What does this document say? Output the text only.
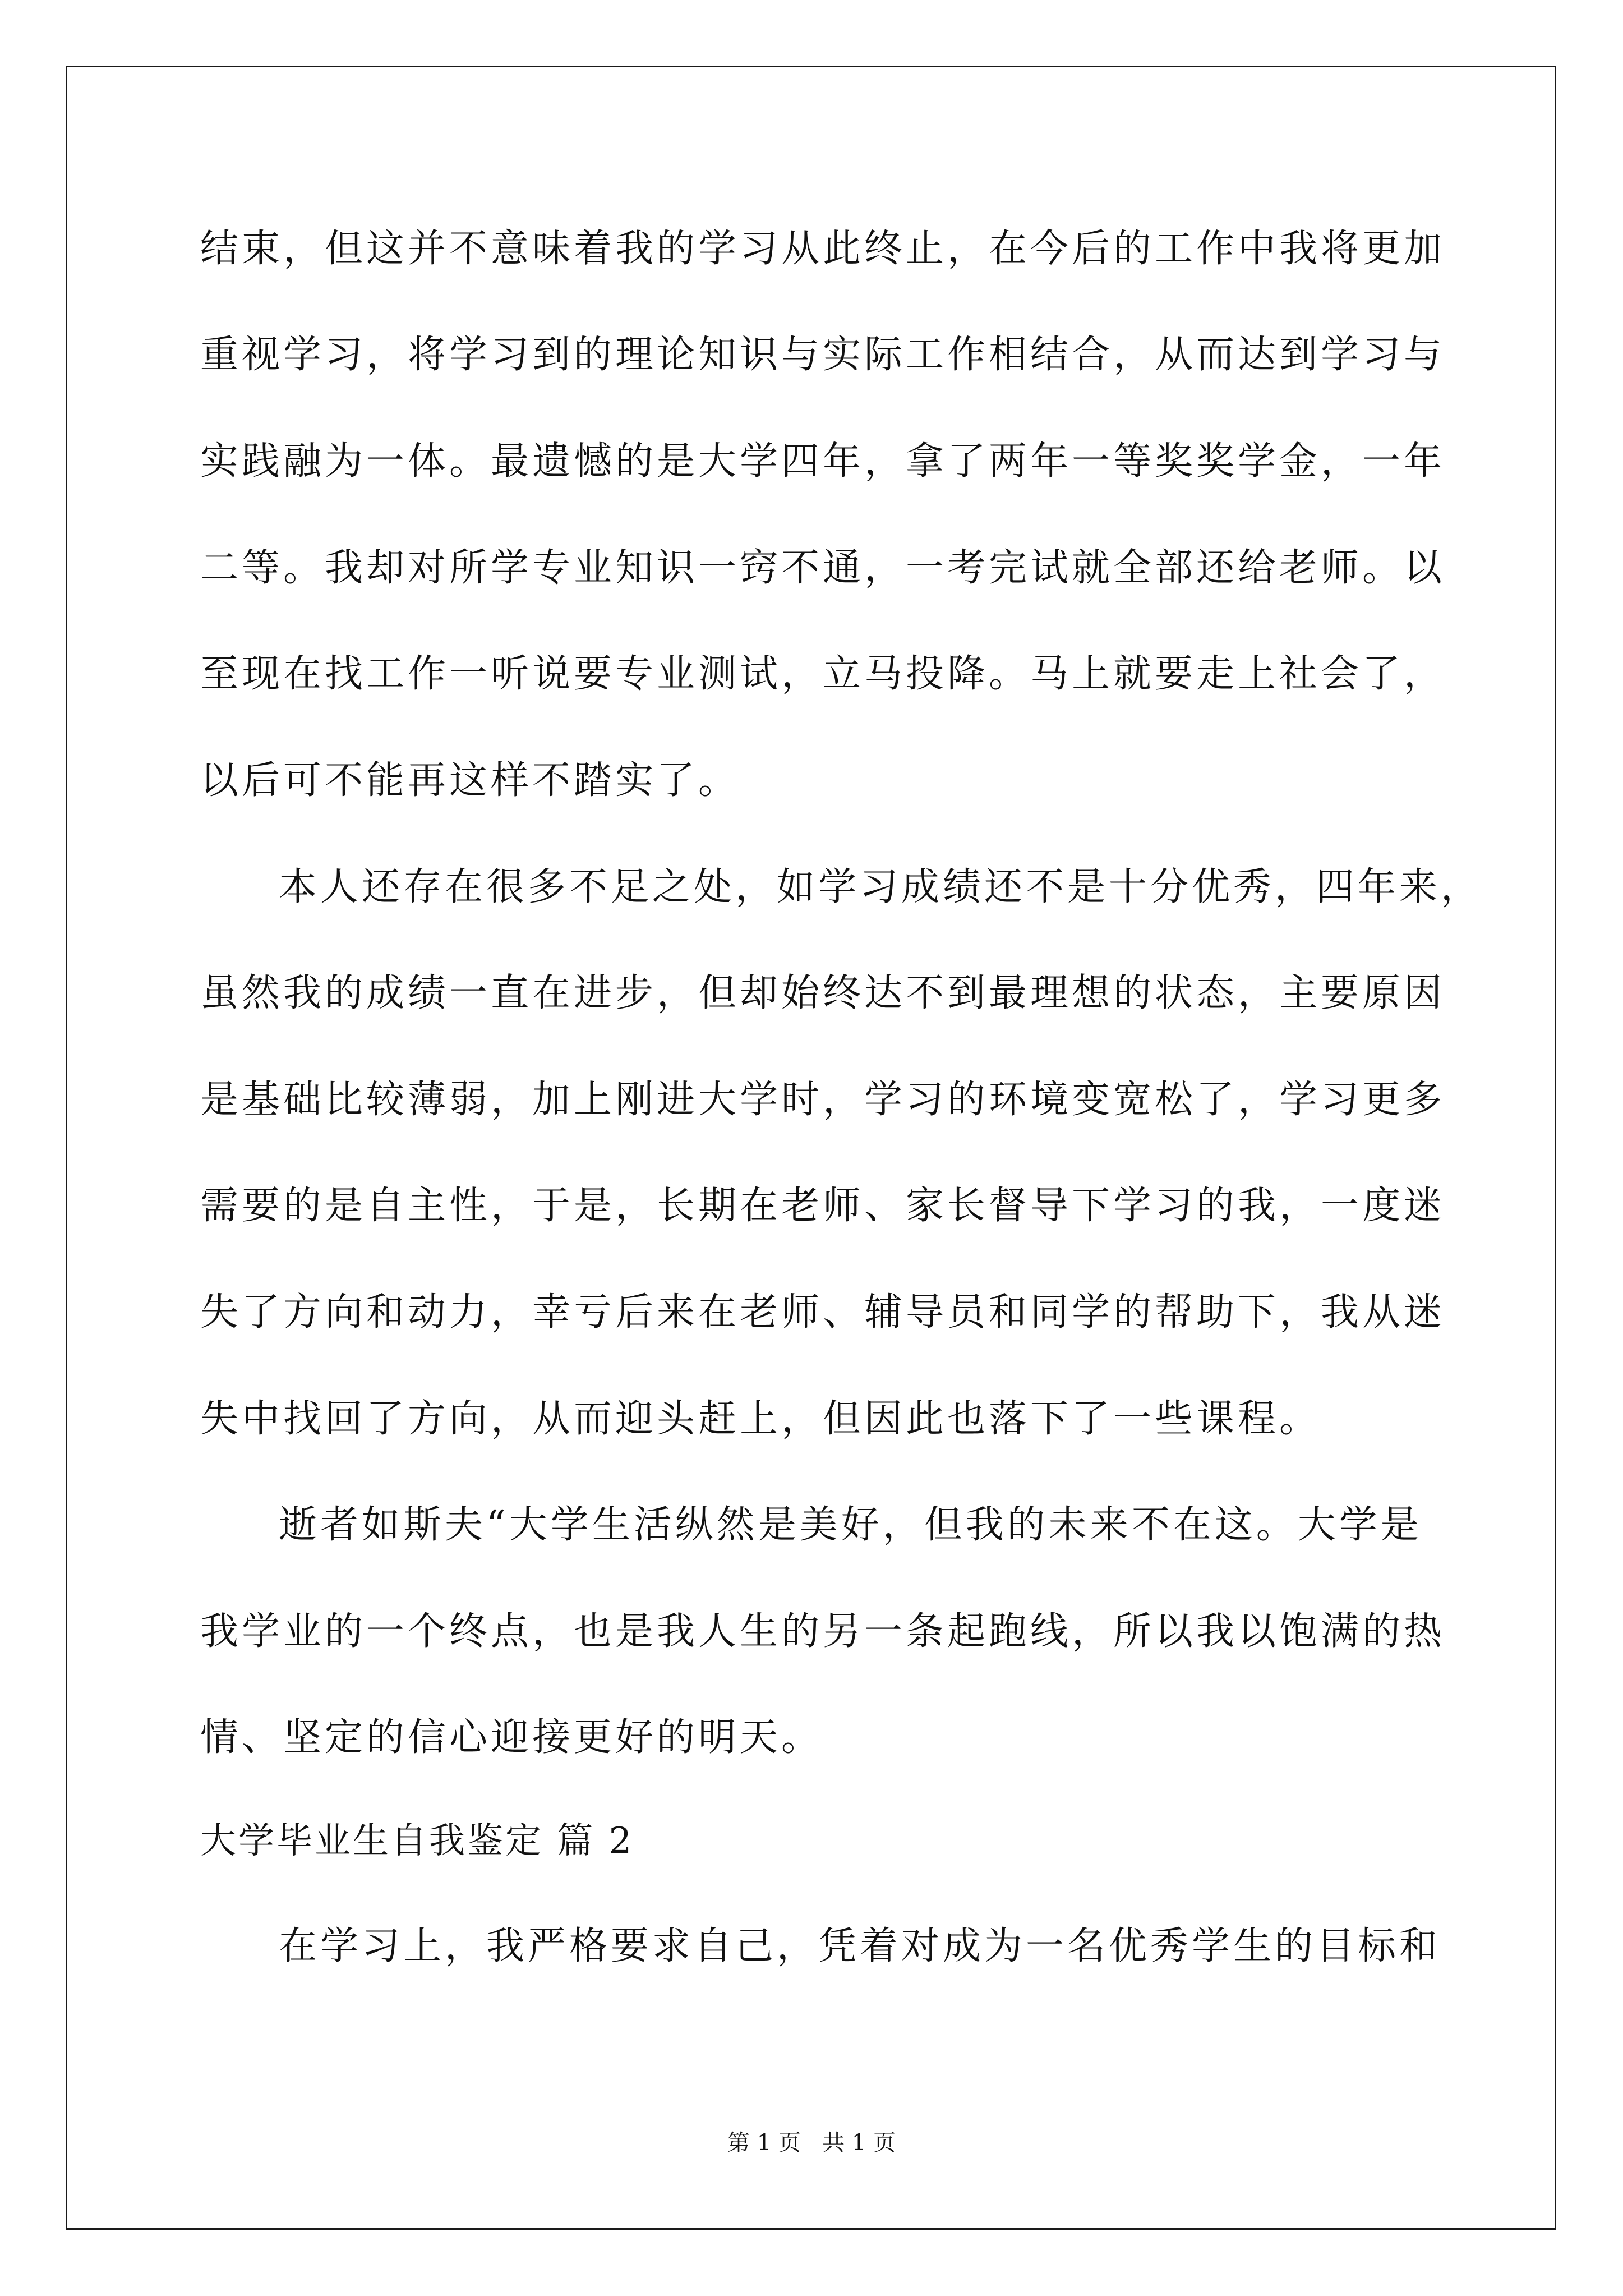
结束，但这并不意味着我的学习从此终止，在今后的工作中我将更加
重视学习，将学习到的理论知识与实际工作相结合，从而达到学习与
实践融为一体。最遗憾的是大学四年，拿了两年一等奖奖学金，一年
二等。我却对所学专业知识一窍不通，一考完试就全部还给老师。以
至现在找工作一听说要专业测试，立马投降。马上就要走上社会了，
以后可不能再这样不踏实了。
本人还存在很多不足之处，如学习成绩还不是十分优秀，四年来，
虽然我的成绩一直在进步，但却始终达不到最理想的状态，主要原因
是基础比较薄弱，加上刚进大学时，学习的环境变宽松了，学习更多
需要的是自主性，于是，长期在老师、家长督导下学习的我，一度迷
失了方向和动力，幸亏后来在老师、辅导员和同学的帮助下，我从迷
失中找回了方向，从而迎头赶上，但因此也落下了一些课程。
逝者如斯夫“大学生活纵然是美好，但我的未来不在这。大学是
我学业的一个终点，也是我人生的另一条起跑线，所以我以饱满的热
情、坚定的信心迎接更好的明天。
大学毕业生自我鉴定 篇 2
在学习上，我严格要求自己，凭着对成为一名优秀学生的目标和
第 1 页   共 1 页
